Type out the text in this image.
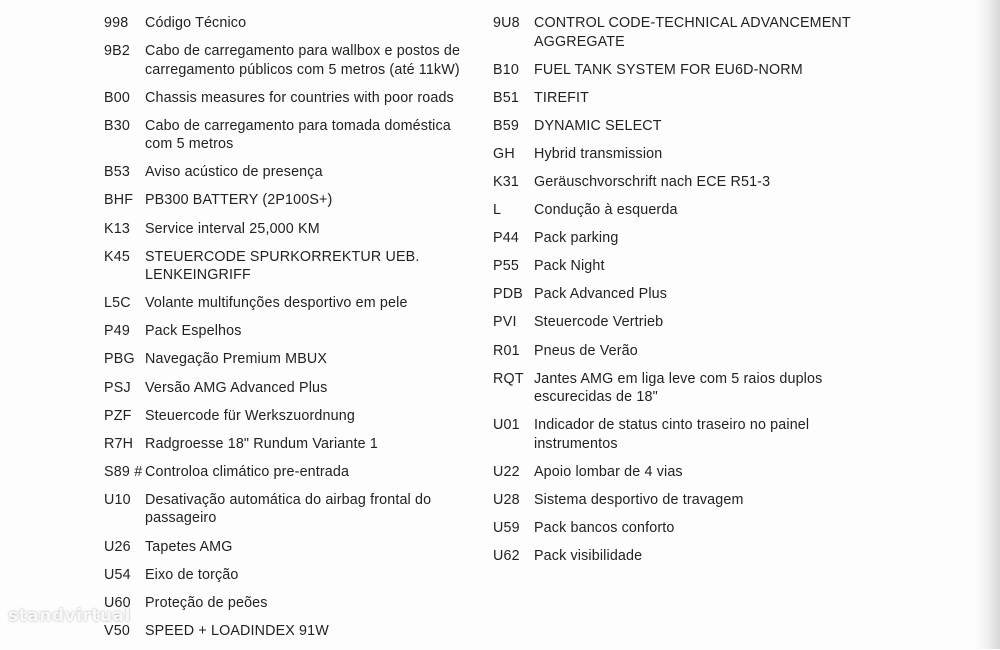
998	Código Técnico
9B2	Cabo de carregamento para wallbox e postos de carregamento públicos com 5 metros (até 11kW)
B00	Chassis measures for countries with poor roads
B30	Cabo de carregamento para tomada doméstica com 5 metros
B53	Aviso acústico de presença
BHF PB300 BATTERY (2P100S+)
K13	Service interval 25,000 KM
K45	STEUERCODE SPURKORREKTUR UEB. LENKEINGRIFF
L5C Volante multifunções desportivo em pele
P49	Pack Espelhos
PBG Navegação Premium MBUX
PSJ Versão AMG Advanced Plus
PZF Steuercode für Werkszuordnung
R7H Radgroesse 18" Rundum Variante 1
S89 # Controloa climático pre-entrada
U10 Desativação automática do airbag frontal do passageiro
U26 Tapetes AMG
U54 Eixo de torção
U60 Proteção de peões
V50	SPEED + LOADINDEX 91W
9U8 CONTROL CODE-TECHNICAL ADVANCEMENT AGGREGATE
B10	FUEL TANK SYSTEM FOR EU6D-NORM
B51	TIREFIT
B59	DYNAMIC SELECT
GH	Hybrid transmission
K31	Geräuschvorschrift nach ECE R51-3
L	Condução à esquerda
P44	Pack parking
P55	Pack Night
PDB Pack Advanced Plus
PVI	Steuercode Vertrieb
R01 Pneus de Verão
RQT Jantes AMG em liga leve com 5 raios duplos escurecidas de 18"
U01 Indicador de status cinto traseiro no painel instrumentos
U22 Apoio lombar de 4 vias
U28 Sistema desportivo de travagem
U59 Pack bancos conforto
U62 Pack visibilidade
standvirtual
